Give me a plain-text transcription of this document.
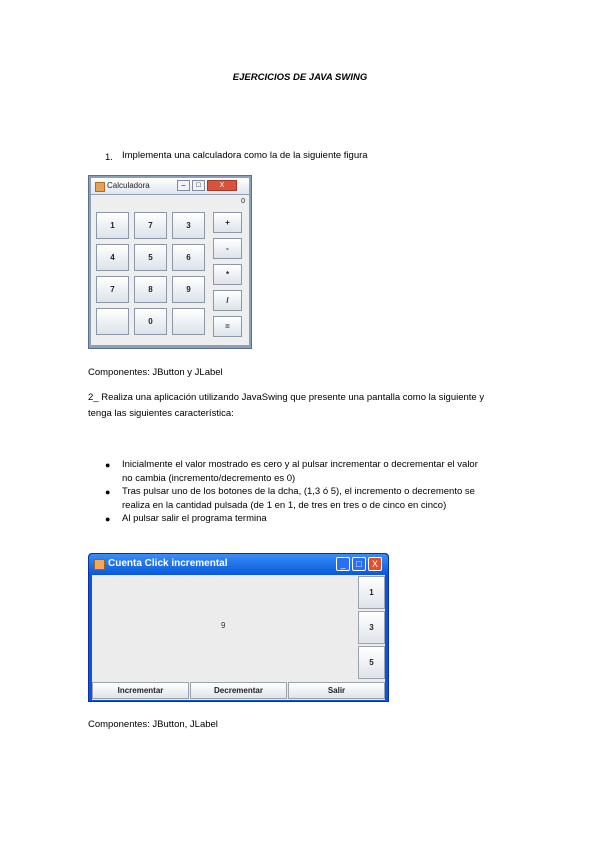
EJERCICIOS DE JAVA SWING
1. Implementa una calculadora como la de la siguiente figura
Calculadora	–	□	X
0
1	7	3
4	5	6
7	8	9
0
+
-
*
/
=
Componentes: JButton y JLabel
2_ Realiza una aplicación utilizando JavaSwing que presente una pantalla como la siguiente y
tenga las siguientes característica:
● Inicialmente el valor mostrado es cero y al pulsar incrementar o decrementar el valor
no cambia (incremento/decremento es 0)
● Tras pulsar uno de los botones de la dcha, (1,3 ó 5), el incremento o decremento se
realiza en la cantidad pulsada (de 1 en 1, de tres en tres o de cinco en cinco)
● Al pulsar salir el programa termina
Cuenta Click incremental	_	□	X
9
1
3
5
Incrementar	Decrementar	Salir
Componentes: JButton, JLabel
